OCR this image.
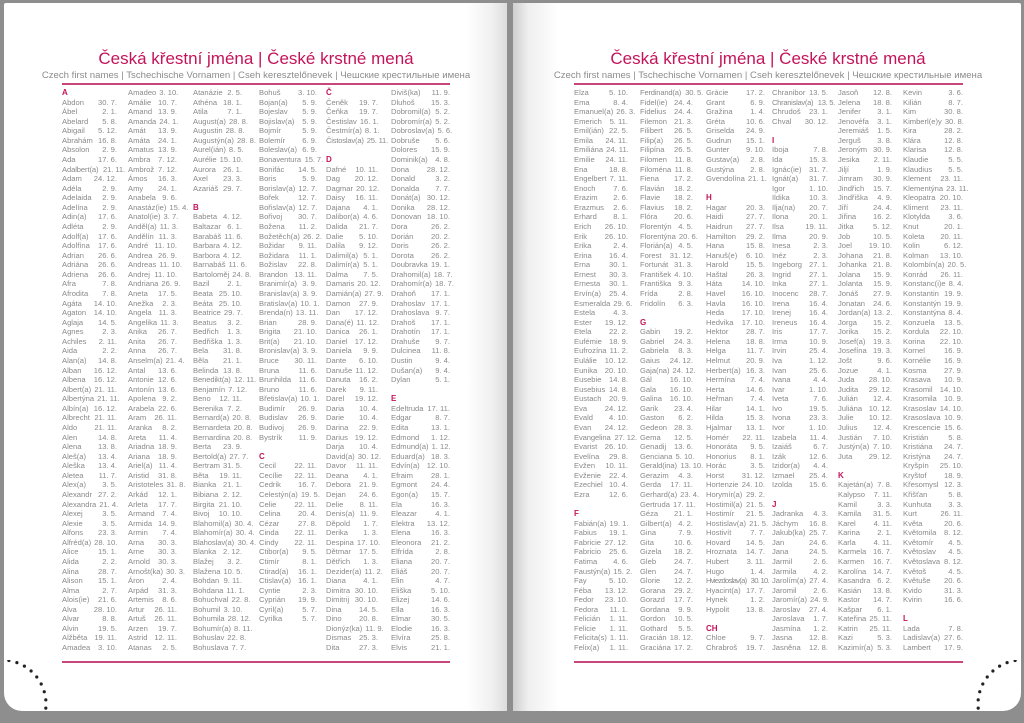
Česká křestní jména | České krstné mená
Czech first names | Tschechische Vornamen | Cseh keresztelőnevek | Чешские крестильные имена
Česká křestní jména | České krstné mená
Czech first names | Tschechische Vornamen | Cseh keresztelőnevek | Чешские крестильные имена
A
Abdon 30. 7.
Ábel	2. 1.
Abelard 5. 8.
Abigail 5. 12.
Abrahám 16. 8.
Absolon 2. 9.
Ada	17. 6.
Adalbert(a) 21. 11.
Adam 24. 12.
Adéla	2. 9.
Adelaida 2. 9.
Adelína 2. 9.
Adin(a) 17. 6.
Adléta 2. 9.
Adolf(a) 17. 6.
Adolfína 17. 6.
Adrian 26. 6.
Adriána 26. 6.
Adriena 26. 6.
Afra	7. 8.
Afrodita 7. 8.
Agáta 14. 10.
Agaton 14. 10.
Aglaja 14. 5.
Agnes 2. 3.
Achiles 2. 11.
Aida	2. 2.
Alan(a) 14. 8.
Alban 16. 12.
Albena 16. 12.
Albert(a) 21. 11.
Albertýna 21. 11.
Albín(a) 16. 12.
Albrecht 21. 11.
Aldo 21. 11.
Alen	14. 8.
Alena 13. 8.
Aleš(a) 13. 4.
Aleška 13. 4.
Aletea 11. 7.
Alex(a) 3. 5.
Alexandr 27. 2.
Alexandra 21. 4.
Alexej	3. 5.
Alexie	3. 5.
Alfons 23. 3.
Alfréd(a) 28. 10.
Alice	15. 1.
Alida	2. 2.
Alina	28. 7.
Alison 15. 1.
Alma	2. 7.
Alois(ie) 21. 6.
Alva 28. 10.
Alvar	8. 8.
Alvin	19. 5.
Alžběta 19. 11.
Amadea 3. 10.
Amadeo 3. 10.
Amálie 10. 7.
Amand 13. 9.
Amanda 24. 1.
Amát 13. 9.
Amáta 24. 1.
Amatus 13. 9.
Ambra 7. 12.
Ambrož 7. 12.
Ámos 16. 3.
Amy 24. 1.
Anabela 9. 6.
Anastáz(ie) 15. 4.
Anatol(ie) 3. 7.
Anděl(a) 11. 3.
Andělín 11. 3.
André 11. 10.
Andrea 26. 9.
Andreas 11. 10.
Andrej 11. 10.
Andriana 26. 9.
Aneta 17. 5.
Anežka 2. 3.
Angela 11. 3.
Angelika 11. 3.
Anika 26. 7.
Anita 26. 7.
Anna 26. 7.
Anselm(a) 21. 4.
Antal 13. 6.
Antonie 12. 6.
Antonín 13. 6.
Apolena 9. 2.
Arabela 22. 6.
Aram 26. 11.
Aranka 8. 2.
Areta 11. 4.
Ariadna 18. 9.
Ariana 18. 9.
Ariel(a) 11. 4.
Aristid 31. 8.
Aristoteles 31. 8.
Arkád 12. 1.
Arleta 17. 7.
Armand 7. 4.
Armida 14. 9.
Armin 7. 4.
Arna 30. 3.
Arne 30. 3.
Arnold 30. 3.
Arnošt(ka) 30. 3.
Áron 2. 4.
Arpád 31. 3.
Artemis 8. 6.
Artur 26. 11.
Artuš 26. 11.
Arzen 19. 7.
Astrid 12. 11.
Atanas 2. 5.
Atanázie 2. 5.
Athéna 18. 1.
Atila	7. 1.
August(a) 28. 8.
Augustin 28. 8.
Augustýn(a) 28. 8.
Aurel(ián) 8. 5.
Aurélie 15. 10.
Aurora 26. 1.
Axel 23. 3.
Azariáš 29. 7.
B
Babeta 4. 12.
Baltazar 6. 1.
Barabáš 11. 6.
Barbara 4. 12.
Barbora 4. 12.
Barnabáš 11. 6.
Bartoloměj 24. 8.
Bazil 2. 1.
Beata 25. 10.
Beáta 25. 10.
Beatrice 29. 7.
Beatus 3. 2.
Bedřich 1. 3.
Bedřiška 1. 3.
Bela 31. 8.
Běla 21. 1.
Belinda 13. 8.
Benedikt(a) 12. 11.
Benjamín 7. 12.
Beno 12. 11.
Berenika 7. 2.
Bernard(a) 20. 8.
Bernardeta 20. 8.
Bernardina 20. 8.
Berta 23. 9.
Bertold(a) 27. 7.
Bertram 31. 5.
Běta 19. 11.
Bianka 21. 1.
Bibiana 2. 12.
Birgita 21. 10.
Bivoj 10. 10.
Blahomil(a) 30. 4.
Blahomír(a) 30. 4.
Blahoslav(a) 30. 4.
Blanka 2. 12.
Blažej 3. 2.
Blažena 10. 5.
Bohdan 9. 11.
Bohdana 11. 1.
Bohuchval 22. 8.
Bohumil 3. 10.
Bohumila 28. 12.
Bohumír(a) 8. 11.
Bohuslav 22. 8.
Bohuslava 7. 7.
Bohuš 3. 10.
Bojan(a) 5. 9.
Bojeslav 5. 9.
Bojislav(a) 5. 9.
Bojmír	5. 9.
Bolemír 6. 9.
Boleslav(a) 6. 9.
Bonaventura 15. 7.
Bonifác 14. 5.
Boris	5. 9.
Borislav(a) 12. 7.
Bořek	12. 7.
Bořislav(a) 12. 7.
Bořivoj 30. 7.
Božena 11. 2.
Božetěch(a) 26. 2.
Božidar 9. 11.
Božidara 11. 1.
Božislav 22. 8.
Brandon 13. 11.
Branimír(a) 3. 9.
Branislav(a) 3. 9.
Bratislav(a) 10. 1.
Brenda(n) 13. 11.
Brian	28. 9.
Brigita 21. 10.
Brit(a) 21. 10.
Bronislav(a) 3. 9.
Bruce 30. 11.
Bruna	11. 6.
Brunhilda 11. 6.
Bruno	11. 6.
Břetislav(a) 10. 1.
Budimír 26. 9.
Budislav 26. 9.
Budivoj 26. 9.
Bystrík 11. 9.
C
Cecil 22. 11.
Cecílie 22. 11.
Cedrik 16. 7.
Celestýn(a) 19. 5.
Celie 22. 11.
Celina 20. 4.
Cézar 27. 8.
Cinda 22. 11.
Cindy 22. 11.
Ctibor(a) 9. 5.
Ctimír	8. 1.
Ctirad(a) 16. 1.
Ctislav(a) 16. 1.
Cyntie	2. 3.
Cyprián 19. 9.
Cyril(a) 5. 7.
Cyrilka	5. 7.
Č
Čeněk 19. 7.
Čeňka 19. 7.
Čestislav 16. 1.
Čestmír(a) 8. 1.
Čistoslav(a) 25. 11.
D
Dafné 10. 11.
Dag 20. 12.
Dagmar 20. 12.
Daisy 16. 11.
Dajana 4. 1.
Dalibor(a) 4. 6.
Dalida 21. 7.
Dalie 5. 10.
Dalila 9. 12.
Dalimil(a) 5. 1.
Dalimír(a) 5. 1.
Dalma 7. 5.
Damaris 20. 12.
Damián(a) 27. 9.
Damon 27. 9.
Dan 17. 12.
Dana(é) 11. 12.
Danica 26. 1.
Daniel 17. 12.
Daniela 9. 9.
Dante 6. 10.
Danuše 11. 12.
Danuta 16. 2.
Darek 9. 11.
Darel 19. 12.
Daria 10. 4.
Darie 10. 4.
Darina 22. 9.
Darius 19. 12.
Darja 10. 4.
David(a) 30. 12.
Davor 11. 11.
Deana 4. 1.
Debora 21. 9.
Dejan 24. 6.
Delie 8. 11.
Denis(a) 11. 9.
Děpold 1. 7.
Derika 1. 3.
Despina 17. 10.
Dětmar 17. 5.
Dětřich 1. 3.
Dezider(a) 11. 2.
Diana 4. 1.
Dimitra 30. 10.
Dimitrij 30. 10.
Dina 14. 5.
Dino 20. 8.
Dionýz(ka) 11. 9.
Dismas 25. 3.
Dita	27. 3.
Diviš(ka) 11. 9.
Dluhoš 15. 3.
Dobromil(a) 5. 2.
Dobromír(a) 5. 2.
Dobroslav(a) 5. 6.
Dobruše 5. 6.
Dolores 15. 9.
Dominik(a) 4. 8.
Dona 28. 12.
Donald	3. 2.
Donalda 7. 7.
Donát(a) 30. 12.
Donika 28. 12.
Donovan 18. 10.
Dora	26. 2.
Dorián 20. 2.
Doris	26. 2.
Dorota 26. 2.
Doubravka 19. 1.
Drahomil(a) 18. 7.
Drahomír(a) 18. 7.
Drahoň 17. 1.
Drahoslav 17. 1.
Drahoslava 9. 7.
Drahoš 17. 1.
Drahotín 17. 1.
Drahuše 9. 7.
Dulcinea 11. 8.
Dustin	9. 4.
Dušan(a) 9. 4.
Dylan	5. 1.
E
Edeltruda 17. 11.
Edgar	8. 7.
Edita	13. 1.
Edmond 1. 12.
Edmund(a) 1. 12.
Eduard(a) 18. 3.
Edvín(a) 12. 10.
Efraim 28. 1.
Egmont 24. 4.
Egon(a) 15. 7.
Ela	16. 3.
Eleazar 4. 1.
Elektra 13. 12.
Elena	16. 3.
Eleonora 21. 2.
Elfrída	2. 8.
Eliana 20. 7.
Eliáš	20. 7.
Elin	4. 7.
Eliška	5. 10.
Elizej	14. 6.
Ella	16. 3.
Elmar	30. 5.
Elodie 16. 3.
Elvíra	25. 8.
Elvis	21. 1.
Elza	5. 10.
Ema	8. 4.
Emanuel(a) 26. 3.
Emerich 5. 11.
Emil(ián) 22. 5.
Emila 24. 11.
Emiliána 24. 11.
Emilie 24. 11.
Ena	18. 8.
Engelbert 7. 11.
Enoch 7. 6.
Erazim 2. 6.
Erazmus 2. 6.
Erhard 8. 1.
Erich 26. 10.
Erik 26. 10.
Erika	2. 4.
Erina 16. 4.
Erna 30. 1.
Ernest 30. 3.
Ernesta 30. 1.
Ervín(a) 25. 4.
Esmeralda 29. 6.
Estela 4. 3.
Ester 19. 12.
Etela 22. 2.
Eufémie 18. 9.
Eufrozína 11. 2.
Eulálie 10. 12.
Eunika 20. 10.
Eusebie 14. 8.
Eusebius 14. 8.
Eustach 20. 9.
Eva 24. 12.
Evald 4. 10.
Evan 24. 12.
Evangelina 27. 12.
Evarist 26. 10.
Evelína 29. 8.
Evžen 10. 11.
Evženie 22. 4.
Ezechiel 10. 4.
Ezra	12. 6.
F
Fabián(a) 19. 1.
Fabius 19. 1.
Fabricie 27. 12.
Fabricio 25. 6.
Fatima 4. 6.
Faustýn(a) 15. 2.
Fay	5. 10.
Féba 13. 12.
Fedor 23. 10.
Fedora 11. 1.
Felicián 1. 11.
Felicie 1. 11.
Felicita(s) 1. 11.
Felix(a) 1. 11.
Ferdinand(a) 30. 5.
Fidel(ie) 24. 4.
Fidelius 24. 4.
Filemon 21. 3.
Filibert 26. 5.
Filip(a) 26. 5.
Filipína 26. 5.
Filomen 11. 8.
Filoména 11. 8.
Fiena 17. 2.
Flavián 18. 2.
Flavie 18. 2.
Flavius 18. 2.
Flóra 20. 6.
Florentýn 4. 5.
Florentýna 20. 6.
Florián(a) 4. 5.
Forest 31. 12.
Fortunát 31. 3.
František 4. 10.
Františka 9. 3.
Frída	2. 8.
Fridolín 6. 3.
G
Gabin 19. 2.
Gabriel 24. 3.
Gabriela 8. 3.
Gaius 24. 12.
Gaja(na) 24. 12.
Gál 16. 10.
Gala 16. 10.
Galina 16. 10.
Garik 23. 4.
Gaston 6. 2.
Gedeon 28. 3.
Gema 12. 5.
Genadij 13. 6.
Genciana 5. 10.
Gerald(ina) 13. 10.
Gerazim 4. 3.
Gerda 17. 11.
Gerhard(a) 23. 4.
Gertruda 17. 11.
Géza 21. 1.
Gilbert(a) 4. 2.
Gina	7. 9.
Gita	10. 6.
Gizela 18. 2.
Gleb 24. 7.
Glen 24. 7.
Glorie 12. 2.
Gorana 29. 2.
Gorazd 17. 7.
Gordana 9. 9.
Gordon 10. 5.
Gothard 5. 5.
Gracián 18. 12.
Graciána 17. 2.
Grácie 17. 2.
Grant	6. 9.
Gražina 1. 4.
Gréta	10. 6.
Griselda 24. 9.
Gudrun 15. 1.
Gunter 9. 10.
Gustav(a) 2. 8.
Gustýna 2. 8.
Gvendolína 21. 1.
H
Hagar	20. 3.
Haidi	27. 7.
Haidrun 27. 7.
Hamilton 29. 2.
Hana	15. 8.
Hanuš(e) 6. 10.
Harold 15. 5.
Haštal 26. 3.
Háta	14. 10.
Havel 16. 10.
Havla 16. 10.
Heda 17. 10.
Hedvika 17. 10.
Hektor 28. 7.
Helena 18. 8.
Helga	11. 7.
Helmut 20. 9.
Herbert(a) 16. 3.
Hermína 7. 4.
Herta	14. 6.
Heřman 7. 4.
Hilar	14. 1.
Hilda	15. 3.
Hjalmar 13. 1.
Homér 22. 11.
Honoráta 9. 5.
Honorius 8. 1.
Horác	3. 5.
Horst 31. 12.
Hortenzie 24. 10.
Horymír(a) 29. 2.
Hostimil(a) 21. 5.
Hostimír 21. 5.
Hostislav(a) 21. 5.
Hostivít 7. 7.
Hovard 14. 5.
Hroznata 14. 7.
Hubert 3. 11.
Hugo	1. 4.
Hviezdoslav(a) 30. 10.
Hyacint(a) 17. 7.
Hynek	1. 2.
Hypolit 13. 8.
CH
Chloe	9. 7.
Chrabroš 19. 7.
Chranibor 13. 5.
Chranislav(a) 13. 5.
Chrudoš 23. 1.
Chval 30. 12.
I
Iboja	7. 8.
Ida	15. 3.
Ignác(ie) 31. 7.
Ignát(a) 31. 7.
Igor	1. 10.
Ildika	10. 3.
Ilja(na) 20. 7.
Ilona	20. 1.
Ilsa	19. 11.
Ilma	20. 9.
Inesa	2. 3.
Inéz	2. 3.
Ingeborg 27. 1.
Ingrid 27. 1.
Inka	27. 1.
Inocenc 28. 7.
Irena	16. 4.
Irenej 16. 4.
Ireneus 16. 4.
Iris	17. 7.
Irma	10. 9.
Irvin	25. 4.
Iva	1. 12.
Ivan	25. 6.
Ivana	4. 4.
Ivar	1. 10.
Iveta	7. 6.
Ivo	19. 5.
Ivona 23. 3.
Ivor	1. 10.
Izabela 11. 4.
Izaiáš	6. 7.
Izák	12. 6.
Izidor(a) 4. 4.
Izmael 25. 4.
Izolda 15. 6.
J
Jadranka 4. 3.
Jáchym 16. 8.
Jakub(ka) 25. 7.
Jan	24. 6.
Jana	24. 5.
Jarmil	2. 6.
Jarmila 4. 2.
Jarolím(a) 27. 4.
Jaromil 2. 6.
Jaromír(a) 24. 9.
Jaroslav 27. 4.
Jaroslava 1. 7.
Jasmína 1. 2.
Jasna 12. 8.
Jasněna 12. 8.
Jasoň 12. 8.
Jelena 18. 8.
Jenifer 3. 1.
Jenovéfa 3. 1.
Jeremiáš 1. 5.
Jerguš 3. 8.
Jeroným 30. 9.
Jesika 2. 11.
Jiljí	1. 9.
Jimram 30. 9.
Jindřich 15. 7.
Jindřiška 4. 9.
Jiří	24. 4.
Jiřina 16. 2.
Jitka	5. 12.
Job	10. 5.
Joel 19. 10.
Johana 21. 8.
Johanka 21. 8.
Jolana 15. 9.
Jolanta 15. 9.
Jonáš 27. 9.
Jonatan 24. 6.
Jordan(a) 13. 2.
Jorga 15. 2.
Jorika 15. 2.
Josef(a) 19. 3.
Josefína 19. 3.
Jošt	9. 6.
Jozue 4. 1.
Juda 28. 10.
Judita 29. 12.
Julián 12. 4.
Juliána 10. 12.
Julie 10. 12.
Julius 12. 4.
Justián 7. 10.
Justýn(a) 7. 10.
Juta 29. 12.
K
Kajetán(a) 7. 8.
Kalypso 7. 11.
Kamil	3. 3.
Kamila 31. 5.
Karel 4. 11.
Karina 2. 1.
Karla 4. 11.
Karmela 16. 7.
Karmen 16. 7.
Karolína 14. 7.
Kasandra 6. 2.
Kasián 13. 8.
Kastor 14. 7.
Kašpar 6. 1.
Kateřina 25. 11.
Katrin 25. 11.
Kazi	5. 3.
Kazimír(a) 5. 3.
Kevin	3. 6.
Kilián	8. 7.
Kim	30. 8.
Kimberl(e)y 30. 8.
Kira	28. 2.
Klára	12. 8.
Klarisa 12. 8.
Klaudie	5. 5.
Klaudius 5. 5.
Klement 23. 11.
Klementýna 23. 11.
Kleopatra 20. 10.
Kliment 23. 11.
Klotylda 3. 6.
Knut	20. 1.
Koleta 20. 11.
Kolin	6. 12.
Kolman 13. 10.
Kolombín(a) 20. 5.
Konrád 26. 11.
Konstanc(i)e 8. 4.
Konstantin 19. 9.
Konstantýn 19. 9.
Konstantýna 8. 4.
Konzuela 13. 5.
Kordula 22. 10.
Korina 22. 10.
Kornel	16. 9.
Kornélie 16. 9.
Kosma 27. 9.
Krasava 10. 9.
Krasomil 14. 10.
Krasomila 10. 9.
Krasoslav 14. 10.
Krasoslava 10. 9.
Krescencie 15. 6.
Kristián	5. 8.
Kristiána 24. 7.
Kristýna 24. 7.
Kryšpín 25. 10.
Kryštof 18. 9.
Křesomysl 12. 3.
Křišťan	5. 8.
Kunhuta 3. 3.
Kurt	26. 11.
Květa	20. 6.
Květomila 8. 12.
Květomír 4. 5.
Květoslav 4. 5.
Květoslava 8. 12.
Květoš	4. 5.
Květuše 20. 6.
Kvido	31. 3.
Kvirin	16. 6.
L
Lada	7. 8.
Ladislav(a) 27. 6.
Lambert 17. 9.
